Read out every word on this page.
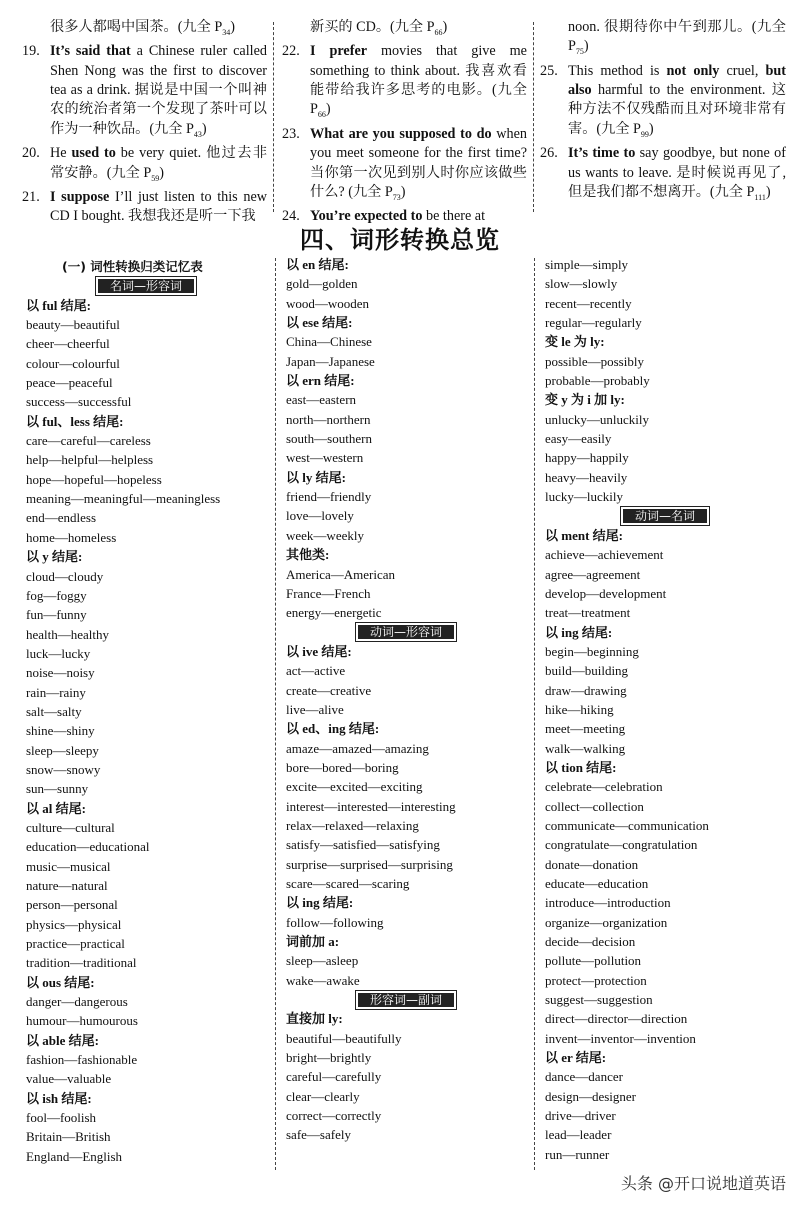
很多人都喝中国茶。(九全 $P_{34}$)
19. It’s said that a Chinese ruler called Shen Nong was the first to discover tea as a drink. 据说是中国一个叫神农的统治者第一个发现了茶叶可以作为一种饮品。(九全 $P_{43}$)
20. He used to be very quiet. 他过去非常安静。(九全 $P_{59}$)
21. I suppose I’ll just listen to this new CD I bought. 我想我还是听一下我
新买的 CD。(九全 $P_{66}$)
22. I prefer movies that give me something to think about. 我喜欢看能带给我许多思考的电影。(九全 $P_{66}$)
23. What are you supposed to do when you meet someone for the first time? 当你第一次见到别人时你应该做些什么? (九全 $P_{73}$)
24. You’re expected to be there at
noon. 很期待你中午到那儿。(九全 $P_{75}$)
25. This method is not only cruel, but also harmful to the environment. 这种方法不仅残酷而且对环境非常有害。(九全 $P_{99}$)
26. It’s time to say goodbye, but none of us wants to leave. 是时候说再见了,但是我们都不想离开。(九全 $P_{111}$)
四、词形转换总览
(一) 词性转换归类记忆表
名词—形容词
以 ful 结尾:
beauty—beautiful
cheer—cheerful
colour—colourful
peace—peaceful
success—successful
以 ful、less 结尾:
care—careful—careless
help—helpful—helpless
hope—hopeful—hopeless
meaning—meaningful—meaningless
end—endless
home—homeless
以 y 结尾:
cloud—cloudy
fog—foggy
fun—funny
health—healthy
luck—lucky
noise—noisy
rain—rainy
salt—salty
shine—shiny
sleep—sleepy
snow—snowy
sun—sunny
以 al 结尾:
culture—cultural
education—educational
music—musical
nature—natural
person—personal
physics—physical
practice—practical
tradition—traditional
以 ous 结尾:
danger—dangerous
humour—humourous
以 able 结尾:
fashion—fashionable
value—valuable
以 ish 结尾:
fool—foolish
Britain—British
England—English
以 en 结尾:
gold—golden
wood—wooden
以 ese 结尾:
China—Chinese
Japan—Japanese
以 ern 结尾:
east—eastern
north—northern
south—southern
west—western
以 ly 结尾:
friend—friendly
love—lovely
week—weekly
其他类:
America—American
France—French
energy—energetic
动词—形容词
以 ive 结尾:
act—active
create—creative
live—alive
以 ed、ing 结尾:
amaze—amazed—amazing
bore—bored—boring
excite—excited—exciting
interest—interested—interesting
relax—relaxed—relaxing
satisfy—satisfied—satisfying
surprise—surprised—surprising
scare—scared—scaring
以 ing 结尾:
follow—following
词前加 a:
sleep—asleep
wake—awake
形容词—副词
直接加 ly:
beautiful—beautifully
bright—brightly
careful—carefully
clear—clearly
correct—correctly
safe—safely
simple—simply
slow—slowly
recent—recently
regular—regularly
变 le 为 ly:
possible—possibly
probable—probably
变 y 为 i 加 ly:
unlucky—unluckily
easy—easily
happy—happily
heavy—heavily
lucky—luckily
动词—名词
以 ment 结尾:
achieve—achievement
agree—agreement
develop—development
treat—treatment
以 ing 结尾:
begin—beginning
build—building
draw—drawing
hike—hiking
meet—meeting
walk—walking
以 tion 结尾:
celebrate—celebration
collect—collection
communicate—communication
congratulate—congratulation
donate—donation
educate—education
introduce—introduction
organize—organization
decide—decision
pollute—pollution
protect—protection
suggest—suggestion
direct—director—direction
invent—inventor—invention
以 er 结尾:
dance—dancer
design—designer
drive—driver
lead—leader
run—runner
头条 @开口说地道英语
